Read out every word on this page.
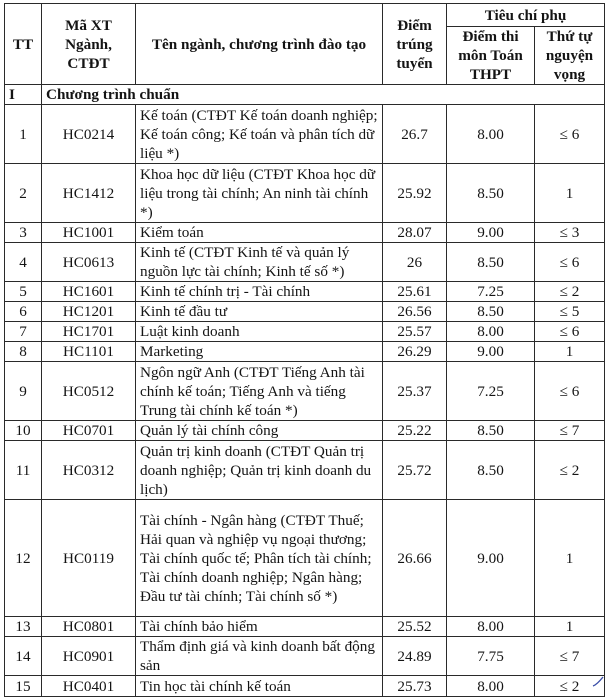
TT	Mã XT Ngành, CTĐT	Tên ngành, chương trình đào tạo	Điểm trúng tuyển	Tiêu chí phụ	
				Điểm thi môn Toán THPT	Thứ tự nguyện vọng
I	Chương trình chuẩn				
1	HC0214	Kế toán (CTĐT Kế toán doanh nghiệp; Kế toán công; Kế toán và phân tích dữ liệu *)	26.7	8.00	≤ 6
2	HC1412	Khoa học dữ liệu (CTĐT Khoa học dữ liệu trong tài chính; An ninh tài chính *)	25.92	8.50	1
3	HC1001	Kiểm toán	28.07	9.00	≤ 3
4	HC0613	Kinh tế (CTĐT Kinh tế và quản lý nguồn lực tài chính; Kinh tế số *)	26	8.50	≤ 6
5	HC1601	Kinh tế chính trị - Tài chính	25.61	7.25	≤ 2
6	HC1201	Kinh tế đầu tư	26.56	8.50	≤ 5
7	HC1701	Luật kinh doanh	25.57	8.00	≤ 6
8	HC1101	Marketing	26.29	9.00	1
9	HC0512	Ngôn ngữ Anh (CTĐT Tiếng Anh tài chính kế toán; Tiếng Anh và tiếng Trung tài chính kế toán *)	25.37	7.25	≤ 6
10	HC0701	Quản lý tài chính công	25.22	8.50	≤ 7
11	HC0312	Quản trị kinh doanh (CTĐT Quản trị doanh nghiệp; Quản trị kinh doanh du lịch)	25.72	8.50	≤ 2
12	HC0119	Tài chính - Ngân hàng (CTĐT Thuế; Hải quan và nghiệp vụ ngoại thương; Tài chính quốc tế; Phân tích tài chính; Tài chính doanh nghiệp; Ngân hàng; Đầu tư tài chính; Tài chính số *)	26.66	9.00	1
13	HC0801	Tài chính bảo hiểm	25.52	8.00	1
14	HC0901	Thẩm định giá và kinh doanh bất động sản	24.89	7.75	≤ 7
15	HC0401	Tin học tài chính kế toán	25.73	8.00	≤ 2
